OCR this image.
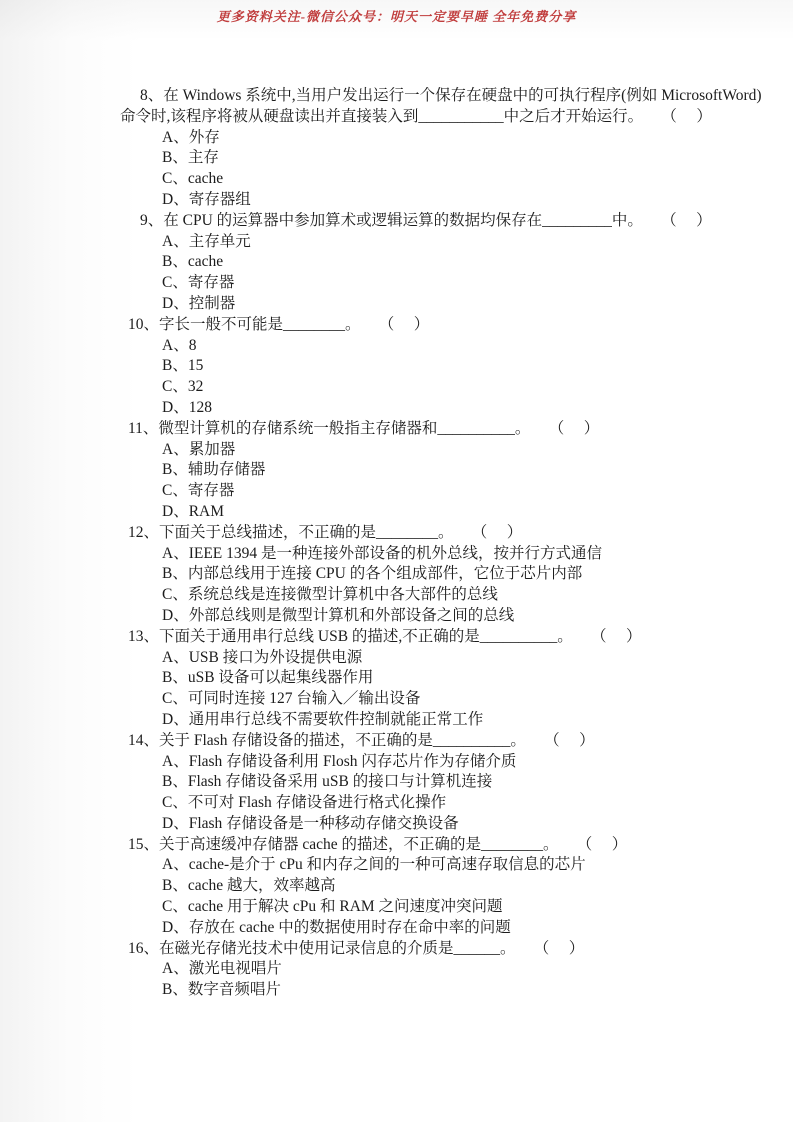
更多资料关注-微信公众号：明天一定要早睡 全年免费分享

8、在 Windows 系统中,当用户发出运行一个保存在硬盘中的可执行程序(例如 MicrosoftWord)

命令时,该程序将被从硬盘读出并直接装入到___________中之后才开始运行。 （　）

A、外存

B、主存

C、cache

D、寄存器组

9、在 CPU 的运算器中参加算术或逻辑运算的数据均保存在_________中。 （　）

A、主存单元

B、cache

C、寄存器

D、控制器

10、字长一般不可能是________。 （　）

A、8

B、15

C、32

D、128

11、微型计算机的存储系统一般指主存储器和__________。 （　）

A、累加器

B、辅助存储器

C、寄存器

D、RAM

12、下面关于总线描述，不正确的是________。 （　）

A、IEEE 1394 是一种连接外部设备的机外总线，按并行方式通信

B、内部总线用于连接 CPU 的各个组成部件，它位于芯片内部

C、系统总线是连接微型计算机中各大部件的总线

D、外部总线则是微型计算机和外部设备之间的总线

13、下面关于通用串行总线 USB 的描述,不正确的是__________。 （　）

A、USB 接口为外设提供电源

B、uSB 设备可以起集线器作用

C、可同时连接 127 台输入／输出设备

D、通用串行总线不需要软件控制就能正常工作

14、关于 Flash 存储设备的描述，不正确的是__________。 （　）

A、Flash 存储设备利用 Flosh 闪存芯片作为存储介质

B、Flash 存储设备采用 uSB 的接口与计算机连接

C、不可对 Flash 存储设备进行格式化操作

D、Flash 存储设备是一种移动存储交换设备

15、关于高速缓冲存储器 cache 的描述，不正确的是________。 （　）

A、cache-是介于 cPu 和内存之间的一种可高速存取信息的芯片

B、cache 越大，效率越高

C、cache 用于解决 cPu 和 RAM 之问速度冲突问题

D、存放在 cache 中的数据使用时存在命中率的问题

16、在磁光存储光技术中使用记录信息的介质是______。 （　）

A、激光电视唱片

B、数字音频唱片
